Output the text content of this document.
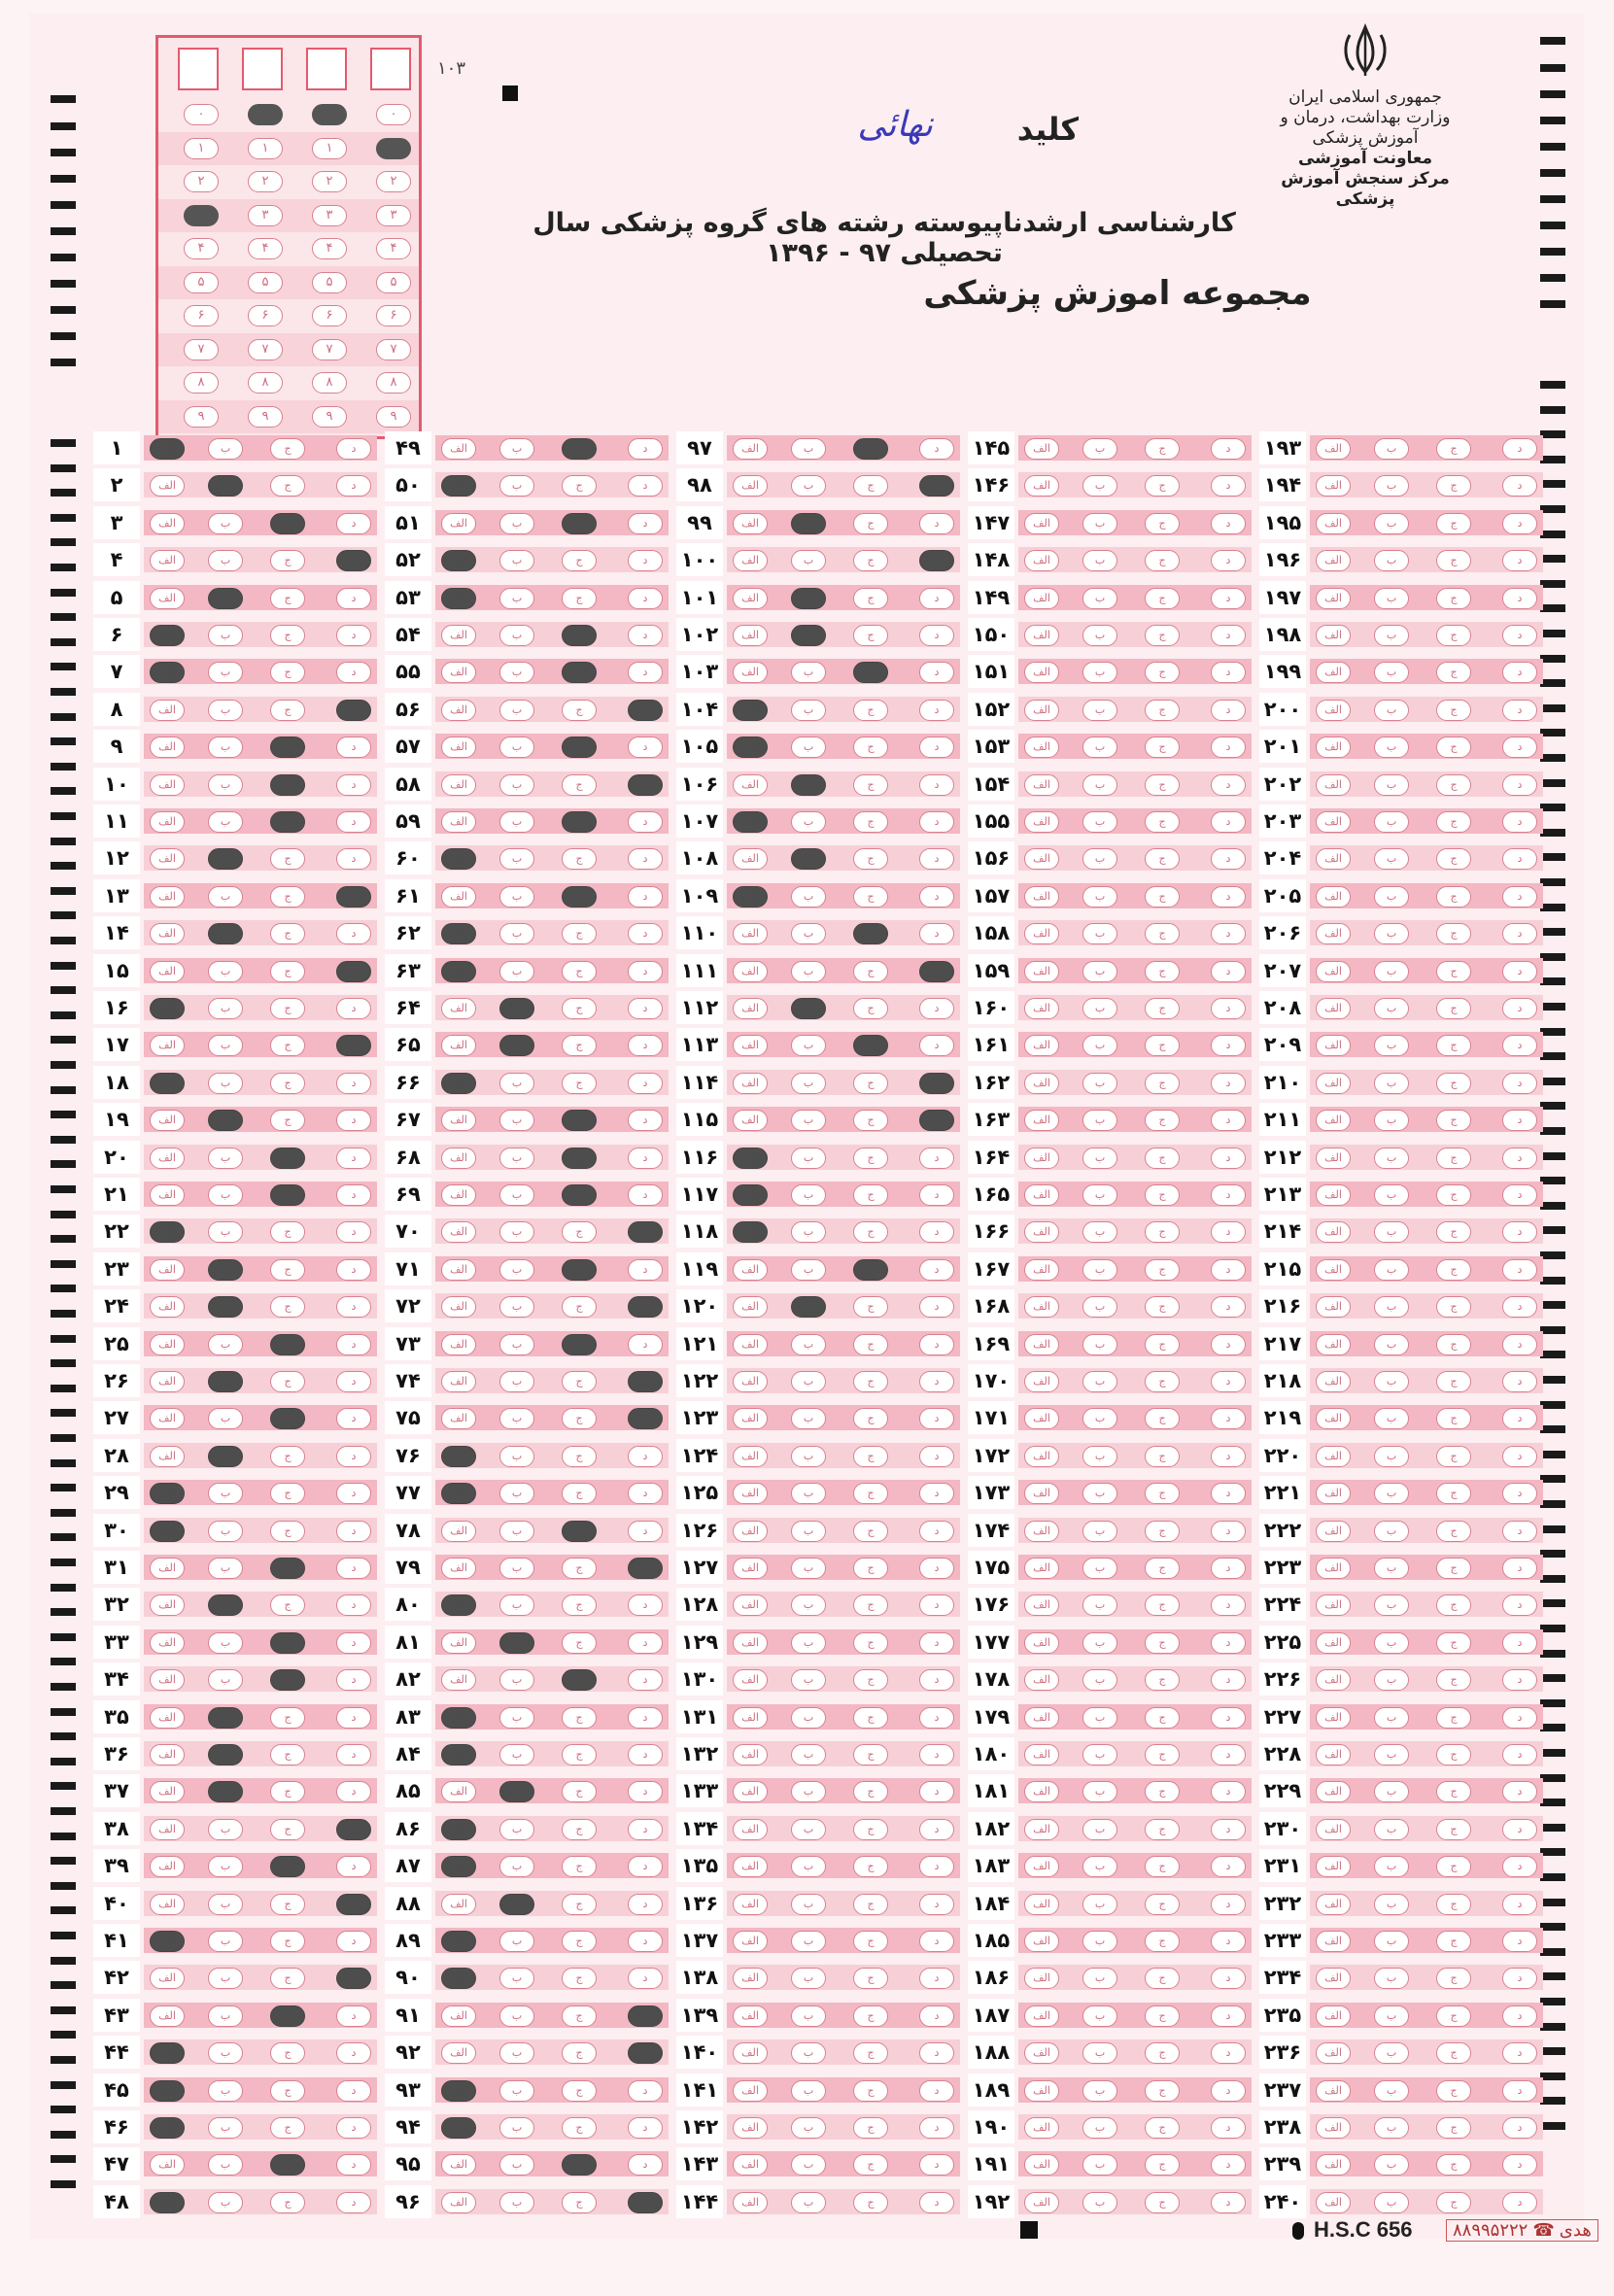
جمهوری اسلامی ایران
وزارت بهداشت، درمان و آموزش پزشکی
معاونت آموزشی
مرکز سنجش آموزش پزشکی
۱۰۳
کلید
نهائی
کارشناسی ارشدناپیوسته رشته های گروه پزشکی سال تحصیلی ۹۷ - ۱۳۹۶
مجموعه اموزش پزشکی
۰
۰
۰
۰
۱
۱
۱
۱
۲
۲
۲
۲
۳
۳
۳
۳
۴
۴
۴
۴
۵
۵
۵
۵
۶
۶
۶
۶
۷
۷
۷
۷
۸
۸
۸
۸
۹
۹
۹
۹
۱	الف	ب	ج	د
۲	الف	ب	ج	د
۳	الف	ب	ج	د
۴	الف	ب	ج	د
۵	الف	ب	ج	د
۶	الف	ب	ج	د
۷	الف	ب	ج	د
۸	الف	ب	ج	د
۹	الف	ب	ج	د
۱۰	الف	ب	ج	د
۱۱	الف	ب	ج	د
۱۲	الف	ب	ج	د
۱۳	الف	ب	ج	د
۱۴	الف	ب	ج	د
۱۵	الف	ب	ج	د
۱۶	الف	ب	ج	د
۱۷	الف	ب	ج	د
۱۸	الف	ب	ج	د
۱۹	الف	ب	ج	د
۲۰	الف	ب	ج	د
۲۱	الف	ب	ج	د
۲۲	الف	ب	ج	د
۲۳	الف	ب	ج	د
۲۴	الف	ب	ج	د
۲۵	الف	ب	ج	د
۲۶	الف	ب	ج	د
۲۷	الف	ب	ج	د
۲۸	الف	ب	ج	د
۲۹	الف	ب	ج	د
۳۰	الف	ب	ج	د
۳۱	الف	ب	ج	د
۳۲	الف	ب	ج	د
۳۳	الف	ب	ج	د
۳۴	الف	ب	ج	د
۳۵	الف	ب	ج	د
۳۶	الف	ب	ج	د
۳۷	الف	ب	ج	د
۳۸	الف	ب	ج	د
۳۹	الف	ب	ج	د
۴۰	الف	ب	ج	د
۴۱	الف	ب	ج	د
۴۲	الف	ب	ج	د
۴۳	الف	ب	ج	د
۴۴	الف	ب	ج	د
۴۵	الف	ب	ج	د
۴۶	الف	ب	ج	د
۴۷	الف	ب	ج	د
۴۸	الف	ب	ج	د
۴۹	الف	ب	ج	د
۵۰	الف	ب	ج	د
۵۱	الف	ب	ج	د
۵۲	الف	ب	ج	د
۵۳	الف	ب	ج	د
۵۴	الف	ب	ج	د
۵۵	الف	ب	ج	د
۵۶	الف	ب	ج	د
۵۷	الف	ب	ج	د
۵۸	الف	ب	ج	د
۵۹	الف	ب	ج	د
۶۰	الف	ب	ج	د
۶۱	الف	ب	ج	د
۶۲	الف	ب	ج	د
۶۳	الف	ب	ج	د
۶۴	الف	ب	ج	د
۶۵	الف	ب	ج	د
۶۶	الف	ب	ج	د
۶۷	الف	ب	ج	د
۶۸	الف	ب	ج	د
۶۹	الف	ب	ج	د
۷۰	الف	ب	ج	د
۷۱	الف	ب	ج	د
۷۲	الف	ب	ج	د
۷۳	الف	ب	ج	د
۷۴	الف	ب	ج	د
۷۵	الف	ب	ج	د
۷۶	الف	ب	ج	د
۷۷	الف	ب	ج	د
۷۸	الف	ب	ج	د
۷۹	الف	ب	ج	د
۸۰	الف	ب	ج	د
۸۱	الف	ب	ج	د
۸۲	الف	ب	ج	د
۸۳	الف	ب	ج	د
۸۴	الف	ب	ج	د
۸۵	الف	ب	ج	د
۸۶	الف	ب	ج	د
۸۷	الف	ب	ج	د
۸۸	الف	ب	ج	د
۸۹	الف	ب	ج	د
۹۰	الف	ب	ج	د
۹۱	الف	ب	ج	د
۹۲	الف	ب	ج	د
۹۳	الف	ب	ج	د
۹۴	الف	ب	ج	د
۹۵	الف	ب	ج	د
۹۶	الف	ب	ج	د
۹۷	الف	ب	ج	د
۹۸	الف	ب	ج	د
۹۹	الف	ب	ج	د
۱۰۰	الف	ب	ج	د
۱۰۱	الف	ب	ج	د
۱۰۲	الف	ب	ج	د
۱۰۳	الف	ب	ج	د
۱۰۴	الف	ب	ج	د
۱۰۵	الف	ب	ج	د
۱۰۶	الف	ب	ج	د
۱۰۷	الف	ب	ج	د
۱۰۸	الف	ب	ج	د
۱۰۹	الف	ب	ج	د
۱۱۰	الف	ب	ج	د
۱۱۱	الف	ب	ج	د
۱۱۲	الف	ب	ج	د
۱۱۳	الف	ب	ج	د
۱۱۴	الف	ب	ج	د
۱۱۵	الف	ب	ج	د
۱۱۶	الف	ب	ج	د
۱۱۷	الف	ب	ج	د
۱۱۸	الف	ب	ج	د
۱۱۹	الف	ب	ج	د
۱۲۰	الف	ب	ج	د
۱۲۱	الف	ب	ج	د
۱۲۲	الف	ب	ج	د
۱۲۳	الف	ب	ج	د
۱۲۴	الف	ب	ج	د
۱۲۵	الف	ب	ج	د
۱۲۶	الف	ب	ج	د
۱۲۷	الف	ب	ج	د
۱۲۸	الف	ب	ج	د
۱۲۹	الف	ب	ج	د
۱۳۰	الف	ب	ج	د
۱۳۱	الف	ب	ج	د
۱۳۲	الف	ب	ج	د
۱۳۳	الف	ب	ج	د
۱۳۴	الف	ب	ج	د
۱۳۵	الف	ب	ج	د
۱۳۶	الف	ب	ج	د
۱۳۷	الف	ب	ج	د
۱۳۸	الف	ب	ج	د
۱۳۹	الف	ب	ج	د
۱۴۰	الف	ب	ج	د
۱۴۱	الف	ب	ج	د
۱۴۲	الف	ب	ج	د
۱۴۳	الف	ب	ج	د
۱۴۴	الف	ب	ج	د
۱۴۵	الف	ب	ج	د
۱۴۶	الف	ب	ج	د
۱۴۷	الف	ب	ج	د
۱۴۸	الف	ب	ج	د
۱۴۹	الف	ب	ج	د
۱۵۰	الف	ب	ج	د
۱۵۱	الف	ب	ج	د
۱۵۲	الف	ب	ج	د
۱۵۳	الف	ب	ج	د
۱۵۴	الف	ب	ج	د
۱۵۵	الف	ب	ج	د
۱۵۶	الف	ب	ج	د
۱۵۷	الف	ب	ج	د
۱۵۸	الف	ب	ج	د
۱۵۹	الف	ب	ج	د
۱۶۰	الف	ب	ج	د
۱۶۱	الف	ب	ج	د
۱۶۲	الف	ب	ج	د
۱۶۳	الف	ب	ج	د
۱۶۴	الف	ب	ج	د
۱۶۵	الف	ب	ج	د
۱۶۶	الف	ب	ج	د
۱۶۷	الف	ب	ج	د
۱۶۸	الف	ب	ج	د
۱۶۹	الف	ب	ج	د
۱۷۰	الف	ب	ج	د
۱۷۱	الف	ب	ج	د
۱۷۲	الف	ب	ج	د
۱۷۳	الف	ب	ج	د
۱۷۴	الف	ب	ج	د
۱۷۵	الف	ب	ج	د
۱۷۶	الف	ب	ج	د
۱۷۷	الف	ب	ج	د
۱۷۸	الف	ب	ج	د
۱۷۹	الف	ب	ج	د
۱۸۰	الف	ب	ج	د
۱۸۱	الف	ب	ج	د
۱۸۲	الف	ب	ج	د
۱۸۳	الف	ب	ج	د
۱۸۴	الف	ب	ج	د
۱۸۵	الف	ب	ج	د
۱۸۶	الف	ب	ج	د
۱۸۷	الف	ب	ج	د
۱۸۸	الف	ب	ج	د
۱۸۹	الف	ب	ج	د
۱۹۰	الف	ب	ج	د
۱۹۱	الف	ب	ج	د
۱۹۲	الف	ب	ج	د
۱۹۳	الف	ب	ج	د
۱۹۴	الف	ب	ج	د
۱۹۵	الف	ب	ج	د
۱۹۶	الف	ب	ج	د
۱۹۷	الف	ب	ج	د
۱۹۸	الف	ب	ج	د
۱۹۹	الف	ب	ج	د
۲۰۰	الف	ب	ج	د
۲۰۱	الف	ب	ج	د
۲۰۲	الف	ب	ج	د
۲۰۳	الف	ب	ج	د
۲۰۴	الف	ب	ج	د
۲۰۵	الف	ب	ج	د
۲۰۶	الف	ب	ج	د
۲۰۷	الف	ب	ج	د
۲۰۸	الف	ب	ج	د
۲۰۹	الف	ب	ج	د
۲۱۰	الف	ب	ج	د
۲۱۱	الف	ب	ج	د
۲۱۲	الف	ب	ج	د
۲۱۳	الف	ب	ج	د
۲۱۴	الف	ب	ج	د
۲۱۵	الف	ب	ج	د
۲۱۶	الف	ب	ج	د
۲۱۷	الف	ب	ج	د
۲۱۸	الف	ب	ج	د
۲۱۹	الف	ب	ج	د
۲۲۰	الف	ب	ج	د
۲۲۱	الف	ب	ج	د
۲۲۲	الف	ب	ج	د
۲۲۳	الف	ب	ج	د
۲۲۴	الف	ب	ج	د
۲۲۵	الف	ب	ج	د
۲۲۶	الف	ب	ج	د
۲۲۷	الف	ب	ج	د
۲۲۸	الف	ب	ج	د
۲۲۹	الف	ب	ج	د
۲۳۰	الف	ب	ج	د
۲۳۱	الف	ب	ج	د
۲۳۲	الف	ب	ج	د
۲۳۳	الف	ب	ج	د
۲۳۴	الف	ب	ج	د
۲۳۵	الف	ب	ج	د
۲۳۶	الف	ب	ج	د
۲۳۷	الف	ب	ج	د
۲۳۸	الف	ب	ج	د
۲۳۹	الف	ب	ج	د
۲۴۰	الف	ب	ج	د
H.S.C 656	۸۸۹۹۵۲۲۲ ☎ هدی
